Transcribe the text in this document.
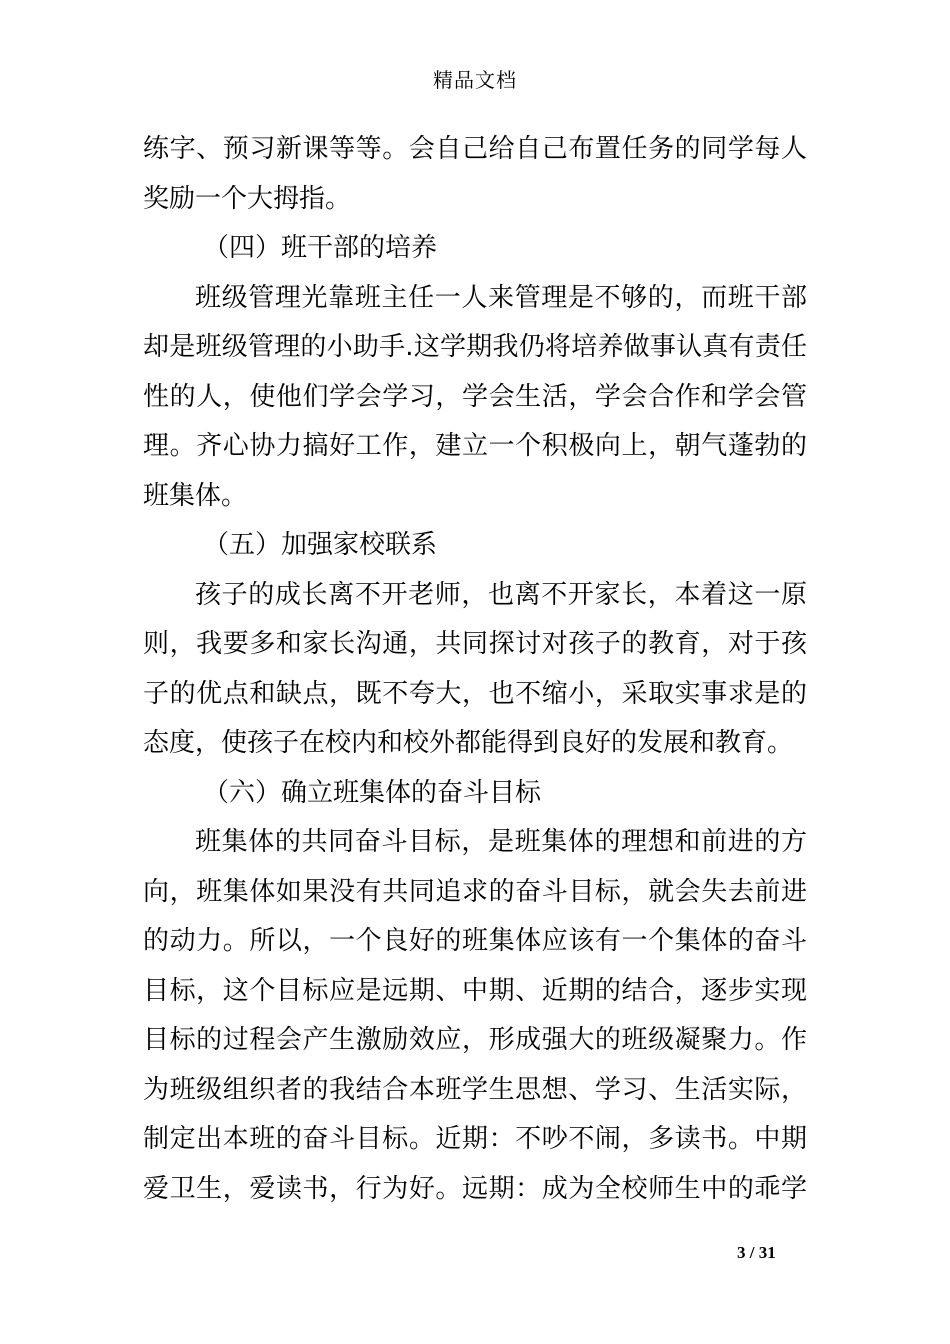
精品文档
练字、预习新课等等。会自己给自己布置任务的同学每人
奖励一个大拇指。
（四）班干部的培养
班级管理光靠班主任一人来管理是不够的，而班干部
却是班级管理的小助手.这学期我仍将培养做事认真有责任
性的人，使他们学会学习，学会生活，学会合作和学会管
理。齐心协力搞好工作，建立一个积极向上，朝气蓬勃的
班集体。
（五）加强家校联系
孩子的成长离不开老师，也离不开家长，本着这一原
则，我要多和家长沟通，共同探讨对孩子的教育，对于孩
子的优点和缺点，既不夸大，也不缩小，采取实事求是的
态度，使孩子在校内和校外都能得到良好的发展和教育。
（六）确立班集体的奋斗目标
班集体的共同奋斗目标，是班集体的理想和前进的方
向，班集体如果没有共同追求的奋斗目标，就会失去前进
的动力。所以，一个良好的班集体应该有一个集体的奋斗
目标，这个目标应是远期、中期、近期的结合，逐步实现
目标的过程会产生激励效应，形成强大的班级凝聚力。作
为班级组织者的我结合本班学生思想、学习、生活实际，
制定出本班的奋斗目标。近期：不吵不闹，多读书。中期
爱卫生，爱读书，行为好。远期：成为全校师生中的乖学
3 / 31
